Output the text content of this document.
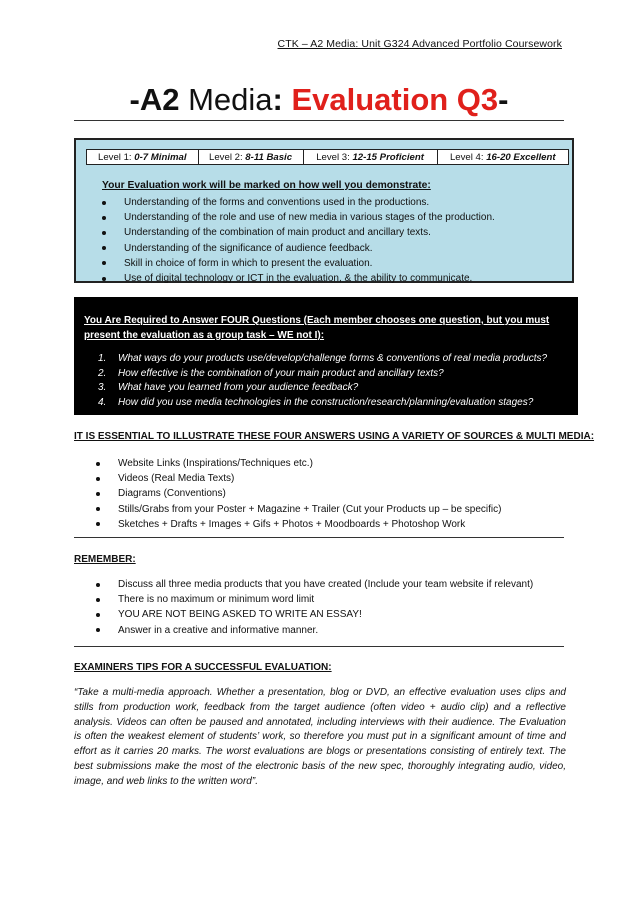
CTK – A2 Media: Unit G324 Advanced Portfolio Coursework
-A2 Media: Evaluation Q3-
Level 1: 0-7 Minimal	Level 2: 8-11 Basic	Level 3: 12-15 Proficient	Level 4: 16-20 Excellent
Your Evaluation work will be marked on how well you demonstrate:
Understanding of the forms and conventions used in the productions.
Understanding of the role and use of new media in various stages of the production.
Understanding of the combination of main product and ancillary texts.
Understanding of the significance of audience feedback.
Skill in choice of form in which to present the evaluation.
Use of digital technology or ICT in the evaluation, & the ability to communicate.
You Are Required to Answer FOUR Questions (Each member chooses one question, but you must present the evaluation as a group task – WE not I):
1. What ways do your products use/develop/challenge forms & conventions of real media products?
2. How effective is the combination of your main product and ancillary texts?
3. What have you learned from your audience feedback?
4. How did you use media technologies in the construction/research/planning/evaluation stages?
IT IS ESSENTIAL TO ILLUSTRATE THESE FOUR ANSWERS USING A VARIETY OF SOURCES & MULTI MEDIA:
Website Links (Inspirations/Techniques etc.)
Videos (Real Media Texts)
Diagrams (Conventions)
Stills/Grabs from your Poster + Magazine + Trailer (Cut your Products up – be specific)
Sketches + Drafts + Images + Gifs + Photos + Moodboards + Photoshop Work
REMEMBER:
Discuss all three media products that you have created (Include your team website if relevant)
There is no maximum or minimum word limit
YOU ARE NOT BEING ASKED TO WRITE AN ESSAY!
Answer in a creative and informative manner.
EXAMINERS TIPS FOR A SUCCESSFUL EVALUATION:

“Take a multi-media approach. Whether a presentation, blog or DVD, an effective evaluation uses clips and stills from production work, feedback from the target audience (often video + audio clip) and a reflective analysis. Videos can often be paused and annotated, including interviews with their audience. The Evaluation is often the weakest element of students’ work, so therefore you must put in a significant amount of time and effort as it carries 20 marks. The worst evaluations are blogs or presentations consisting of entirely text. The best submissions make the most of the electronic basis of the new spec, thoroughly integrating audio, video, image, and web links to the written word”.
